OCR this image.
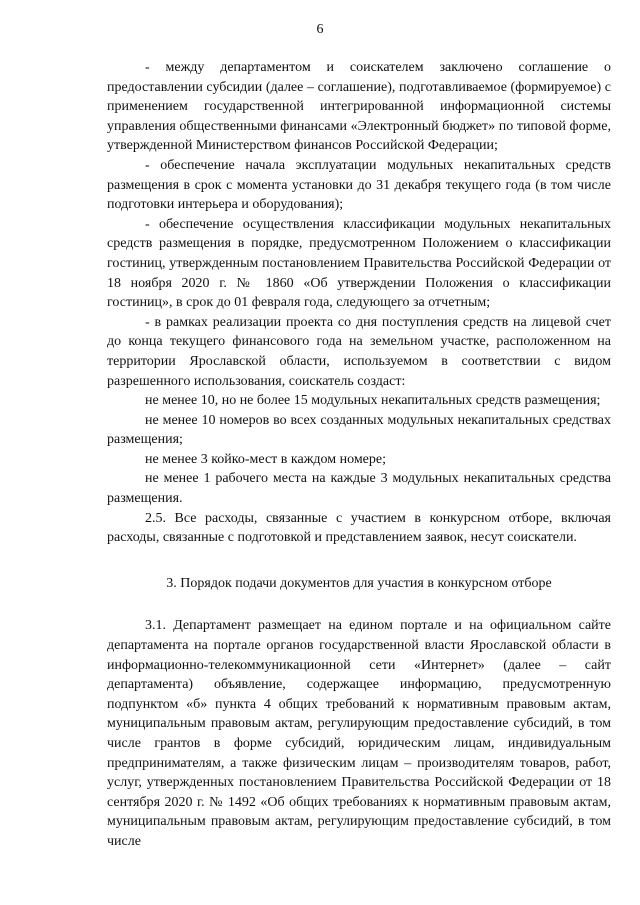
6

- между департаментом и соискателем заключено соглашение о предоставлении субсидии (далее – соглашение), подготавливаемое (формируемое) с применением государственной интегрированной информационной системы управления общественными финансами «Электронный бюджет» по типовой форме, утвержденной Министерством финансов Российской Федерации;

- обеспечение начала эксплуатации модульных некапитальных средств размещения в срок с момента установки до 31 декабря текущего года (в том числе подготовки интерьера и оборудования);

- обеспечение осуществления классификации модульных некапитальных средств размещения в порядке, предусмотренном Положением о классификации гостиниц, утвержденным постановлением Правительства Российской Федерации от 18 ноября 2020 г. № 1860 «Об утверждении Положения о классификации гостиниц», в срок до 01 февраля года, следующего за отчетным;

- в рамках реализации проекта со дня поступления средств на лицевой счет до конца текущего финансового года на земельном участке, расположенном на территории Ярославской области, используемом в соответствии с видом разрешенного использования, соискатель создаст:

не менее 10, но не более 15 модульных некапитальных средств размещения;

не менее 10 номеров во всех созданных модульных некапитальных средствах размещения;

не менее 3 койко-мест в каждом номере;

не менее 1 рабочего места на каждые 3 модульных некапитальных средства размещения.

2.5. Все расходы, связанные с участием в конкурсном отборе, включая расходы, связанные с подготовкой и представлением заявок, несут соискатели.

3. Порядок подачи документов для участия в конкурсном отборе

3.1. Департамент размещает на едином портале и на официальном сайте департамента на портале органов государственной власти Ярославской области в информационно-телекоммуникационной сети «Интернет» (далее – сайт департамента) объявление, содержащее информацию, предусмотренную подпунктом «б» пункта 4 общих требований к нормативным правовым актам, муниципальным правовым актам, регулирующим предоставление субсидий, в том числе грантов в форме субсидий, юридическим лицам, индивидуальным предпринимателям, а также физическим лицам – производителям товаров, работ, услуг, утвержденных постановлением Правительства Российской Федерации от 18 сентября 2020 г. № 1492 «Об общих требованиях к нормативным правовым актам, муниципальным правовым актам, регулирующим предоставление субсидий, в том числе
